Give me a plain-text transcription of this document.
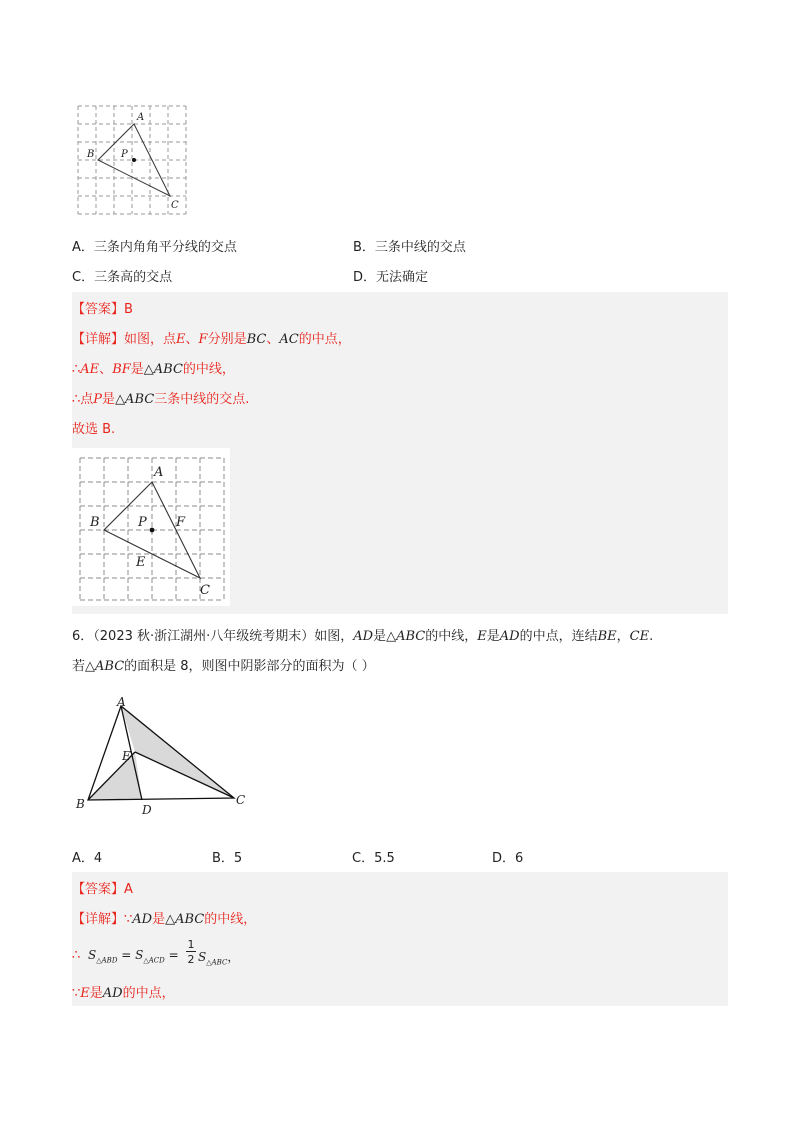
A
B	P
C
A．三条内角角平分线的交点	B．三条中线的交点
C．三条高的交点	D．无法确定
【答案】B
【详解】如图，点E、F分别是BC、AC的中点，
∴AE、BF是△ABC的中线，
∴点P是△ABC三条中线的交点.
故选 B.
A
B	P F
E
C
6．（2023 秋·浙江湖州·八年级统考期末）如图，AD是△ABC的中线，E是AD的中点，连结BE，CE.
若△ABC的面积是 8，则图中阴影部分的面积为（ ）
A
E
B	D
C
A．4	B．5	C．5.5	D．6
【答案】A
【详解】∵AD是△ABC的中线，
∴ $S_{\triangle ABD} = S_{\triangle ACD}$ =
1
2 $S_{\triangle ABC}$，
∵E是AD的中点，
